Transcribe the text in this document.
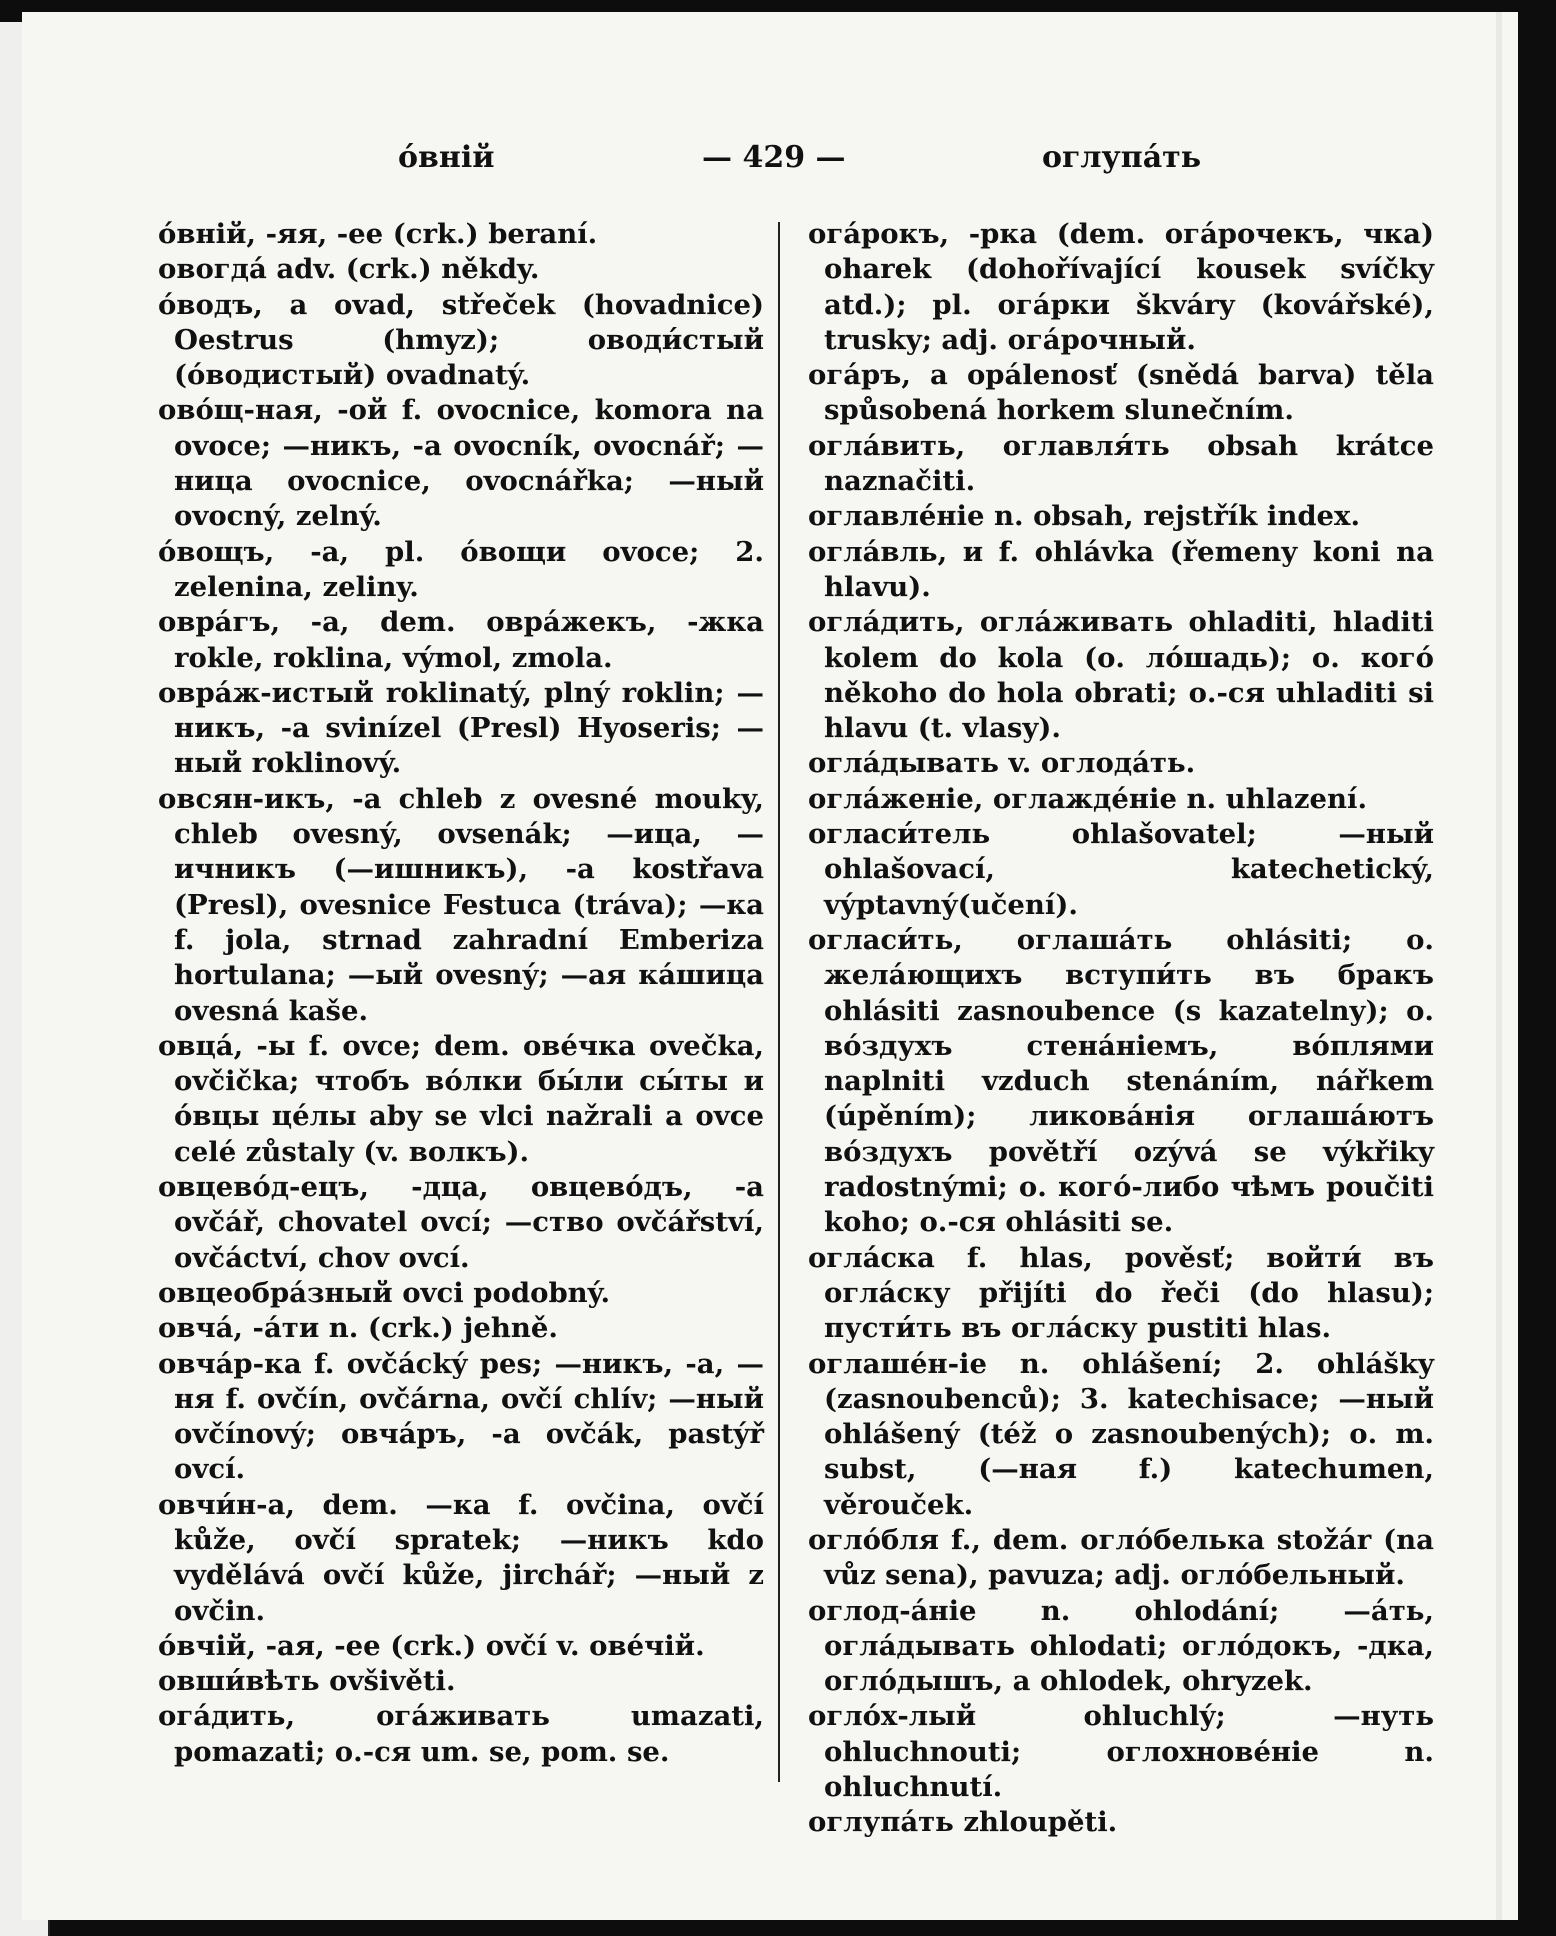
óвній	— 429 —	оглупáть

óвній, -яя, -ее (crk.) beraní.

овогдá adv. (crk.) někdy.

óводъ, a ovad, střeček (hovadnice) Oestrus (hmyz); оводи́стый (óводистый) ovadnatý.

овóщ-ная, -ой f. ovocnice, komora na ovoce; —никъ, -a ovocník, ovocnář; —ница ovocnice, ovocnářka; —ный ovocný, zelný.

óвощъ, -a, pl. óвощи ovoce; 2. zelenina, zeliny.

оврáгъ, -a, dem. оврáжекъ, -жка rokle, roklina, výmol, zmola.

оврáж-истый roklinatý, plný roklin; —никъ, -a svinízel (Presl) Hyoseris; —ный roklinový.

овсян-икъ, -a chleb z ovesné mouky, chleb ovesný, ovsenák; —ица, —ичникъ (—ишникъ), -a kostřava (Presl), ovesnice Festuca (tráva); —ка f. jola, strnad zahradní Emberiza hortulana; —ый ovesný; —ая кáшица ovesná kaše.

овцá, -ы f. ovce; dem. овéчка ovečka, ovčička; чтобъ вóлки бы́ли сы́ты и óвцы цéлы aby se vlci nažrali a ovce celé zůstaly (v. волкъ).

овцевóд-ецъ, -дца, овцевóдъ, -a ovčář, chovatel ovcí; —ство ovčářství, ovčáctví, chov ovcí.

овцеобрáзный ovci podobný.

овчá, -áти n. (crk.) jehně.

овчáр-ка f. ovčácký pes; —никъ, -a, —ня f. ovčín, ovčárna, ovčí chlív; —ный ovčínový; овчáръ, -a ovčák, pastýř ovcí.

овчи́н-а, dem. —ка f. ovčina, ovčí kůže, ovčí spratek; —никъ kdo vydělává ovčí kůže, jirchář; —ный z ovčin.

óвчій, -ая, -ее (crk.) ovčí v. овéчій.

овши́вѣть ovšivěti.

огáдить, огáживать umazati, pomazati; о.-ся um. se, pom. se.

огáрокъ, -рка (dem. огáрочекъ, чка) oharek (dohořívající kousek svíčky atd.); pl. огáрки škváry (kovářské), trusky; adj. огáрочный.

огáръ, a opálenosť (snědá barva) těla spůsobená horkem slunečním.

оглáвить, оглавля́ть obsah krátce naznačiti.

оглавлéніе n. obsah, rejstřík index.

оглáвль, и f. ohlávka (řemeny koni na hlavu).

оглáдить, оглáживать ohladiti, hladiti kolem do kola (о. лóшадь); о. когó někoho do hola obrati; о.-ся uhladiti si hlavu (t. vlasy).

оглáдывать v. оглодáть.

оглáженіе, оглаждéніе n. uhlazení.

оглаcи́тель ohlašovatel; —ный ohlašovací, katechetický, výptavný(učení).

оглаcи́ть, оглашáть ohlásiti; о. желáющихъ вступи́ть въ бракъ ohlásiti zasnoubence (s kazatelny); о. вóздухъ стенáніемъ, вóплями naplniti vzduch stenáním, nářkem (úpěním); ликовáнія оглашáютъ вóздухъ povětří ozývá se výkřiky radostnými; о. когó-либо чѣмъ poučiti koho; о.-ся ohlásiti se.

оглáска f. hlas, pověsť; войти́ въ оглáску přijíti do řeči (do hlasu); пусти́ть въ оглáску pustiti hlas.

оглашéн-іе n. ohlášení; 2. ohlášky (zasnoubenců); 3. katechisace; —ный ohlášený (též o zasnoubených); о. m. subst, (—ная f.) katechumen, věrouček.

оглóбля f., dem. оглóбелька stožár (na vůz sena), pavuza; adj. оглóбельный.

оглод-áніе n. ohlodání; —áть, оглáдывать ohlodati; оглóдокъ, -дка, оглóдышъ, a ohlodek, ohryzek.

оглóх-лый ohluchlý; —нуть ohluchnouti; оглохновéніе n. ohluchnutí.

оглупáть zhloupěti.
